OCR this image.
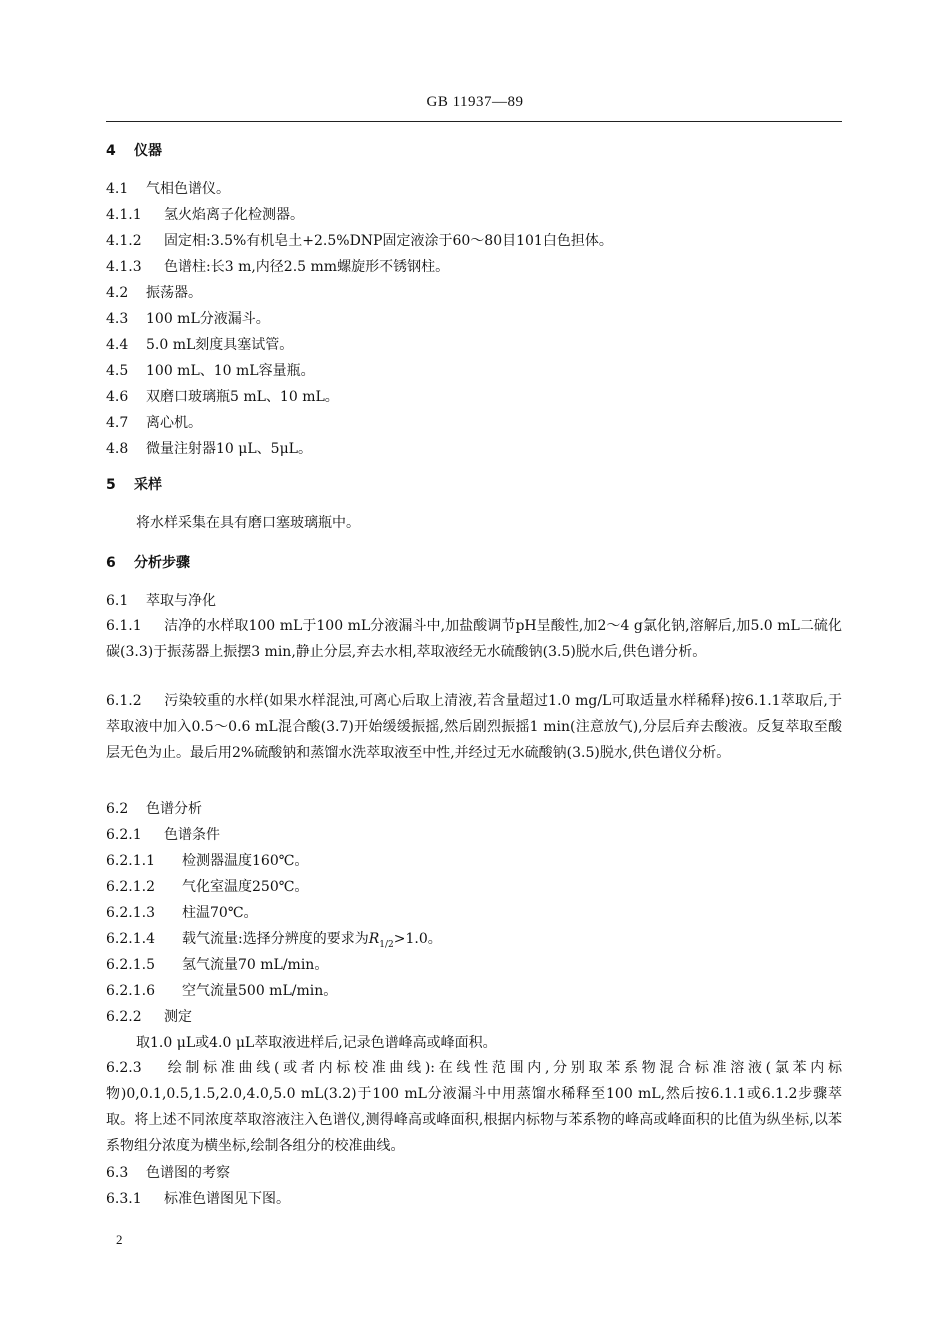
GB 11937—89
4 仪器
4.1 气相色谱仪。
4.1.1 氢火焰离子化检测器。
4.1.2 固定相:3.5%有机皂土+2.5%DNP固定液涂于60～80目101白色担体。
4.1.3 色谱柱:长3 m,内径2.5 mm螺旋形不锈钢柱。
4.2 振荡器。
4.3 100 mL分液漏斗。
4.4 5.0 mL刻度具塞试管。
4.5 100 mL、10 mL容量瓶。
4.6 双磨口玻璃瓶5 mL、10 mL。
4.7 离心机。
4.8 微量注射器10 μL、5μL。
5 采样
将水样采集在具有磨口塞玻璃瓶中。
6 分析步骤
6.1 萃取与净化
6.1.1 洁净的水样取100 mL于100 mL分液漏斗中,加盐酸调节pH呈酸性,加2～4 g氯化钠,溶解后,加5.0 mL二硫化碳(3.3)于振荡器上振摆3 min,静止分层,弃去水相,萃取液经无水硫酸钠(3.5)脱水后,供色谱分析。
6.1.2 污染较重的水样(如果水样混浊,可离心后取上清液,若含量超过1.0 mg/L可取适量水样稀释)按6.1.1萃取后,于萃取液中加入0.5～0.6 mL混合酸(3.7)开始缓缓振摇,然后剧烈振摇1 min(注意放气),分层后弃去酸液。反复萃取至酸层无色为止。最后用2%硫酸钠和蒸馏水洗萃取液至中性,并经过无水硫酸钠(3.5)脱水,供色谱仪分析。
6.2 色谱分析
6.2.1 色谱条件
6.2.1.1 检测器温度160℃。
6.2.1.2 气化室温度250℃。
6.2.1.3 柱温70℃。
6.2.1.4 载气流量:选择分辨度的要求为$R_{1/2}>1.0$。
6.2.1.5 氢气流量70 mL/min。
6.2.1.6 空气流量500 mL/min。
6.2.2 测定
取1.0 μL或4.0 μL萃取液进样后,记录色谱峰高或峰面积。
6.2.3 绘制标准曲线(或者内标校准曲线):在线性范围内,分别取苯系物混合标准溶液(氯苯内标物)0,0.1,0.5,1.5,2.0,4.0,5.0 mL(3.2)于100 mL分液漏斗中用蒸馏水稀释至100 mL,然后按6.1.1或6.1.2步骤萃取。将上述不同浓度萃取溶液注入色谱仪,测得峰高或峰面积,根据内标物与苯系物的峰高或峰面积的比值为纵坐标,以苯系物组分浓度为横坐标,绘制各组分的校准曲线。
6.3 色谱图的考察
6.3.1 标准色谱图见下图。
2
